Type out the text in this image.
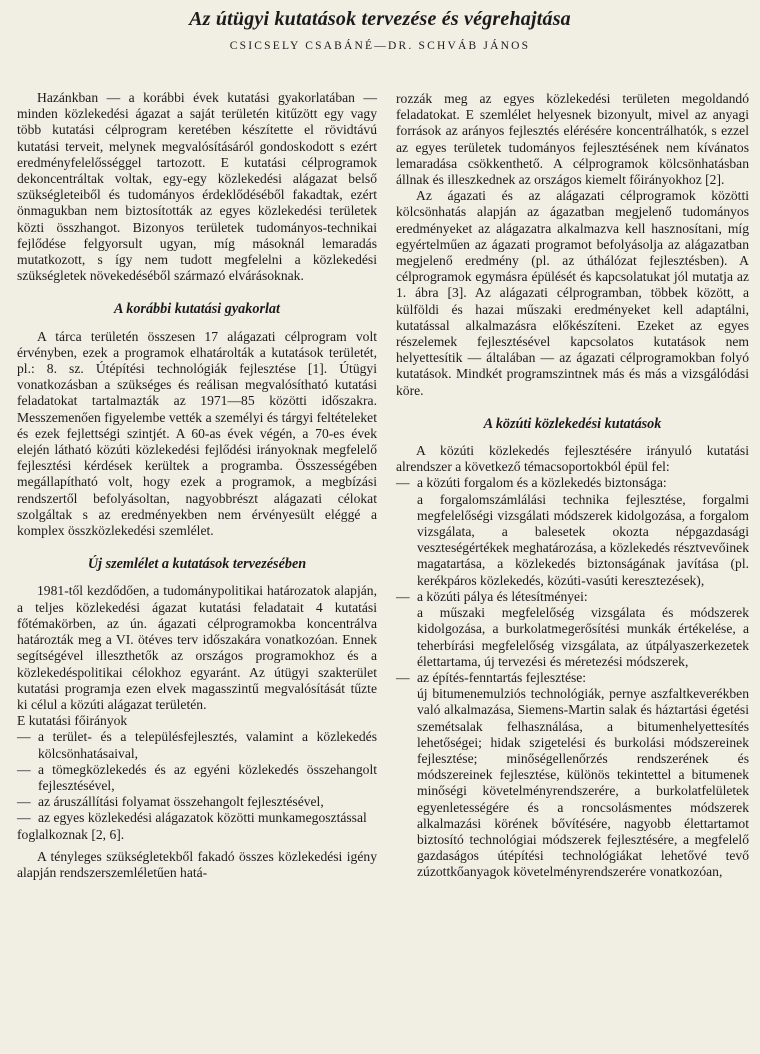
Az útügyi kutatások tervezése és végrehajtása
CSICSELY CSABÁNÉ—DR. SCHVÁB JÁNOS

Hazánkban — a korábbi évek kutatási gyakorlatában — minden közlekedési ágazat a saját területén kitűzött egy vagy több kutatási célprogram keretében készítette el rövidtávú kutatási terveit, melynek megvalósításáról gondoskodott s ezért eredményfelelősséggel tartozott. E kutatási célprogramok dekoncentráltak voltak, egy-egy közlekedési alágazat belső szükségleteiből és tudományos érdeklődéséből fakadtak, ezért önmagukban nem biztosították az egyes közlekedési területek közti összhangot. Bizonyos területek tudományos-technikai fejlődése felgyorsult ugyan, míg másoknál lemaradás mutatkozott, s így nem tudott megfelelni a közlekedési szükségletek növekedéséből származó elvárásoknak.

A korábbi kutatási gyakorlat

A tárca területén összesen 17 alágazati célprogram volt érvényben, ezek a programok elhatárolták a kutatások területét, pl.: 8. sz. Útépítési technológiák fejlesztése [1]. Útügyi vonatkozásban a szükséges és reálisan megvalósítható kutatási feladatokat tartalmazták az 1971—85 közötti időszakra. Messzemenően figyelembe vették a személyi és tárgyi feltételeket és ezek fejlettségi szintjét. A 60-as évek végén, a 70-es évek elején látható közúti közlekedési fejlődési irányoknak megfelelő fejlesztési kérdések kerültek a programba. Összességében megállapítható volt, hogy ezek a programok, a megbízási rendszertől befolyásoltan, nagyobbrészt alágazati célokat szolgáltak s az eredményekben nem érvényesült eléggé a komplex összközlekedési szemlélet.

Új szemlélet a kutatások tervezésében

1981-től kezdődően, a tudománypolitikai határozatok alapján, a teljes közlekedési ágazat kutatási feladatait 4 kutatási főtémakörben, az ún. ágazati célprogramokba koncentrálva határozták meg a VI. ötéves terv időszakára vonatkozóan. Ennek segítségével illeszthetők az országos programokhoz és a közlekedéspolitikai célokhoz egyaránt. Az útügyi szakterület kutatási programja ezen elvek magasszintű megvalósítását tűzte ki célul a közúti alágazat területén.

E kutatási főirányok

— a terület- és a településfejlesztés, valamint a közlekedés kölcsönhatásaival,
— a tömegközlekedés és az egyéni közlekedés összehangolt fejlesztésével,
— az áruszállítási folyamat összehangolt fejlesztésével,
— az egyes közlekedési alágazatok közötti munkamegosztással

foglalkoznak [2, 6].

A tényleges szükségletekből fakadó összes közlekedési igény alapján rendszerszemléletűen hatá-

rozzák meg az egyes közlekedési területen megoldandó feladatokat. E szemlélet helyesnek bizonyult, mivel az anyagi források az arányos fejlesztés elérésére koncentrálhatók, s ezzel az egyes területek tudományos fejlesztésének nem kívánatos lemaradása csökkenthető. A célprogramok kölcsönhatásban állnak és illeszkednek az országos kiemelt főirányokhoz [2].

Az ágazati és az alágazati célprogramok közötti kölcsönhatás alapján az ágazatban megjelenő tudományos eredményeket az alágazatra alkalmazva kell hasznosítani, míg egyértelműen az ágazati programot befolyásolja az alágazatban megjelenő eredmény (pl. az úthálózat fejlesztésben). A célprogramok egymásra épülését és kapcsolatukat jól mutatja az 1. ábra [3]. Az alágazati célprogramban, többek között, a külföldi és hazai műszaki eredményeket kell adaptálni, kutatással alkalmazásra előkészíteni. Ezeket az egyes részelemek fejlesztésével kapcsolatos kutatások nem helyettesítik — általában — az ágazati célprogramokban folyó kutatások. Mindkét programszintnek más és más a vizsgálódási köre.

A közúti közlekedési kutatások

A közúti közlekedés fejlesztésére irányuló kutatási alrendszer a következő témacsoportokból épül fel:

— a közúti forgalom és a közlekedés biztonsága:
a forgalomszámlálási technika fejlesztése, forgalmi megfelelőségi vizsgálati módszerek kidolgozása, a forgalom vizsgálata, a balesetek okozta népgazdasági veszteségértékek meghatározása, a közlekedés résztvevőinek magatartása, a közlekedés biztonságának javítása (pl. kerékpáros közlekedés, közúti-vasúti keresztezések),
— a közúti pálya és létesítményei:
a műszaki megfelelőség vizsgálata és módszerek kidolgozása, a burkolatmegerősítési munkák értékelése, a teherbírási megfelelőség vizsgálata, az útpályaszerkezetek élettartama, új tervezési és méretezési módszerek,
— az építés-fenntartás fejlesztése:
új bitumenemulziós technológiák, pernye aszfaltkeverékben való alkalmazása, Siemens-Martin salak és háztartási égetési szemétsalak felhasználása, a bitumenhelyettesítés lehetőségei; hidak szigetelési és burkolási módszereinek fejlesztése; minőségellenőrzés rendszerének és módszereinek fejlesztése, különös tekintettel a bitumenek minőségi követelményrendszerére, a burkolatfelületek egyenletességére és a roncsolásmentes módszerek alkalmazási körének bővítésére, nagyobb élettartamot biztosító technológiai módszerek fejlesztésére, a megfelelő gazdaságos útépítési technológiákat lehetővé tevő zúzottkőanyagok követelményrendszerére vonatkozóan,
